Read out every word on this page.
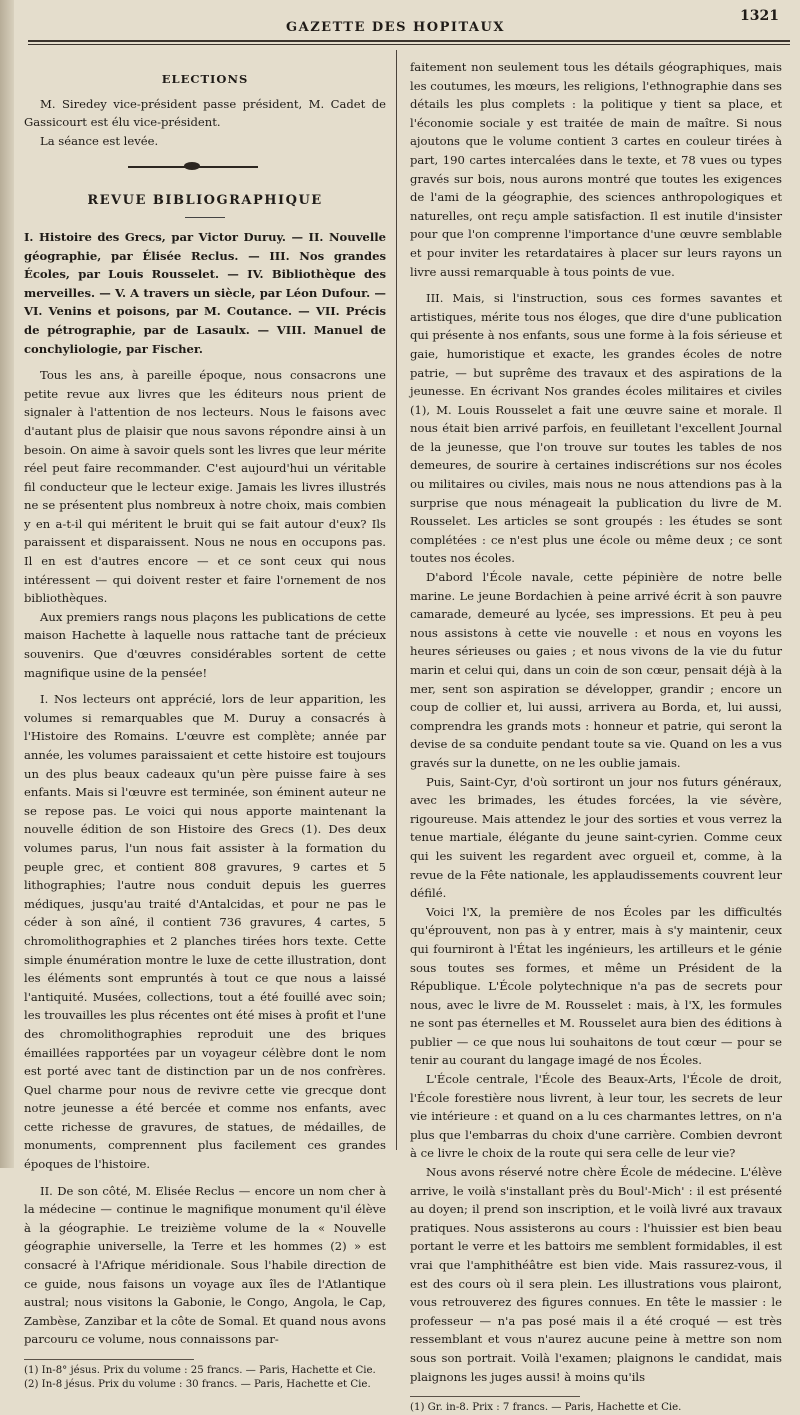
GAZETTE DES HOPITAUX
1321

ELECTIONS

M. Siredey vice-président passe président, M. Cadet de Gassicourt est élu vice-président.

La séance est levée.

REVUE BIBLIOGRAPHIQUE

I. Histoire des Grecs, par Victor Duruy. — II. Nouvelle géographie, par Élisée Reclus. — III. Nos grandes Écoles, par Louis Rousselet. — IV. Bibliothèque des merveilles. — V. A travers un siècle, par Léon Dufour. — VI. Venins et poisons, par M. Coutance. — VII. Précis de pétrographie, par de Lasaulx. — VIII. Manuel de conchyliologie, par Fischer.

Tous les ans, à pareille époque, nous consacrons une petite revue aux livres que les éditeurs nous prient de signaler à l'attention de nos lecteurs. Nous le faisons avec d'autant plus de plaisir que nous savons répondre ainsi à un besoin. On aime à savoir quels sont les livres que leur mérite réel peut faire recommander. C'est aujourd'hui un véritable fil conducteur que le lecteur exige. Jamais les livres illustrés ne se présentent plus nombreux à notre choix, mais combien y en a-t-il qui méritent le bruit qui se fait autour d'eux? Ils paraissent et disparaissent. Nous ne nous en occupons pas. Il en est d'autres encore — et ce sont ceux qui nous intéressent — qui doivent rester et faire l'ornement de nos bibliothèques.

Aux premiers rangs nous plaçons les publications de cette maison Hachette à laquelle nous rattache tant de précieux souvenirs. Que d'œuvres considérables sortent de cette magnifique usine de la pensée!

I. Nos lecteurs ont apprécié, lors de leur apparition, les volumes si remarquables que M. Duruy a consacrés à l'Histoire des Romains. L'œuvre est complète; année par année, les volumes paraissaient et cette histoire est toujours un des plus beaux cadeaux qu'un père puisse faire à ses enfants. Mais si l'œuvre est terminée, son éminent auteur ne se repose pas. Le voici qui nous apporte maintenant la nouvelle édition de son Histoire des Grecs (1). Des deux volumes parus, l'un nous fait assister à la formation du peuple grec, et contient 808 gravures, 9 cartes et 5 lithographies; l'autre nous conduit depuis les guerres médiques, jusqu'au traité d'Antalcidas, et pour ne pas le céder à son aîné, il contient 736 gravures, 4 cartes, 5 chromolithographies et 2 planches tirées hors texte. Cette simple énumération montre le luxe de cette illustration, dont les éléments sont empruntés à tout ce que nous a laissé l'antiquité. Musées, collections, tout a été fouillé avec soin; les trouvailles les plus récentes ont été mises à profit et l'une des chromolithographies reproduit une des briques émaillées rapportées par un voyageur célèbre dont le nom est porté avec tant de distinction par un de nos confrères. Quel charme pour nous de revivre cette vie grecque dont notre jeunesse a été bercée et comme nos enfants, avec cette richesse de gravures, de statues, de médailles, de monuments, comprennent plus facilement ces grandes époques de l'histoire.

II. De son côté, M. Elisée Reclus — encore un nom cher à la médecine — continue le magnifique monument qu'il élève à la géographie. Le treizième volume de la « Nouvelle géographie universelle, la Terre et les hommes (2) » est consacré à l'Afrique méridionale. Sous l'habile direction de ce guide, nous faisons un voyage aux îles de l'Atlantique austral; nous visitons la Gabonie, le Congo, Angola, le Cap, Zambèse, Zanzibar et la côte de Somal. Et quand nous avons parcouru ce volume, nous connaissons par-

(1) In-8° jésus. Prix du volume : 25 francs. — Paris, Hachette et Cie.

(2) In-8 jésus. Prix du volume : 30 francs. — Paris, Hachette et Cie.

faitement non seulement tous les détails géographiques, mais les coutumes, les mœurs, les religions, l'ethnographie dans ses détails les plus complets : la politique y tient sa place, et l'économie sociale y est traitée de main de maître. Si nous ajoutons que le volume contient 3 cartes en couleur tirées à part, 190 cartes intercalées dans le texte, et 78 vues ou types gravés sur bois, nous aurons montré que toutes les exigences de l'ami de la géographie, des sciences anthropologiques et naturelles, ont reçu ample satisfaction. Il est inutile d'insister pour que l'on comprenne l'importance d'une œuvre semblable et pour inviter les retardataires à placer sur leurs rayons un livre aussi remarquable à tous points de vue.

III. Mais, si l'instruction, sous ces formes savantes et artistiques, mérite tous nos éloges, que dire d'une publication qui présente à nos enfants, sous une forme à la fois sérieuse et gaie, humoristique et exacte, les grandes écoles de notre patrie, — but suprême des travaux et des aspirations de la jeunesse. En écrivant Nos grandes écoles militaires et civiles (1), M. Louis Rousselet a fait une œuvre saine et morale. Il nous était bien arrivé parfois, en feuilletant l'excellent Journal de la jeunesse, que l'on trouve sur toutes les tables de nos demeures, de sourire à certaines indiscrétions sur nos écoles ou militaires ou civiles, mais nous ne nous attendions pas à la surprise que nous ménageait la publication du livre de M. Rousselet. Les articles se sont groupés : les études se sont complétées : ce n'est plus une école ou même deux ; ce sont toutes nos écoles.

D'abord l'École navale, cette pépinière de notre belle marine. Le jeune Bordachien à peine arrivé écrit à son pauvre camarade, demeuré au lycée, ses impressions. Et peu à peu nous assistons à cette vie nouvelle : et nous en voyons les heures sérieuses ou gaies ; et nous vivons de la vie du futur marin et celui qui, dans un coin de son cœur, pensait déjà à la mer, sent son aspiration se développer, grandir ; encore un coup de collier et, lui aussi, arrivera au Borda, et, lui aussi, comprendra les grands mots : honneur et patrie, qui seront la devise de sa conduite pendant toute sa vie. Quand on les a vus gravés sur la dunette, on ne les oublie jamais.

Puis, Saint-Cyr, d'où sortiront un jour nos futurs généraux, avec les brimades, les études forcées, la vie sévère, rigoureuse. Mais attendez le jour des sorties et vous verrez la tenue martiale, élégante du jeune saint-cyrien. Comme ceux qui les suivent les regardent avec orgueil et, comme, à la revue de la Fête nationale, les applaudissements couvrent leur défilé.

Voici l'X, la première de nos Écoles par les difficultés qu'éprouvent, non pas à y entrer, mais à s'y maintenir, ceux qui fourniront à l'État les ingénieurs, les artilleurs et le génie sous toutes ses formes, et même un Président de la République. L'École polytechnique n'a pas de secrets pour nous, avec le livre de M. Rousselet : mais, à l'X, les formules ne sont pas éternelles et M. Rousselet aura bien des éditions à publier — ce que nous lui souhaitons de tout cœur — pour se tenir au courant du langage imagé de nos Écoles.

L'École centrale, l'École des Beaux-Arts, l'École de droit, l'École forestière nous livrent, à leur tour, les secrets de leur vie intérieure : et quand on a lu ces charmantes lettres, on n'a plus que l'embarras du choix d'une carrière. Combien devront à ce livre le choix de la route qui sera celle de leur vie?

Nous avons réservé notre chère École de médecine. L'élève arrive, le voilà s'installant près du Boul'-Mich' : il est présenté au doyen; il prend son inscription, et le voilà livré aux travaux pratiques. Nous assisterons au cours : l'huissier est bien beau portant le verre et les battoirs me semblent formidables, il est vrai que l'amphithéâtre est bien vide. Mais rassurez-vous, il est des cours où il sera plein. Les illustrations vous plairont, vous retrouverez des figures connues. En tête le massier : le professeur — n'a pas posé mais il a été croqué — est très ressemblant et vous n'aurez aucune peine à mettre son nom sous son portrait. Voilà l'examen; plaignons le candidat, mais plaignons les juges aussi! à moins qu'ils

(1) Gr. in-8. Prix : 7 francs. — Paris, Hachette et Cie.
